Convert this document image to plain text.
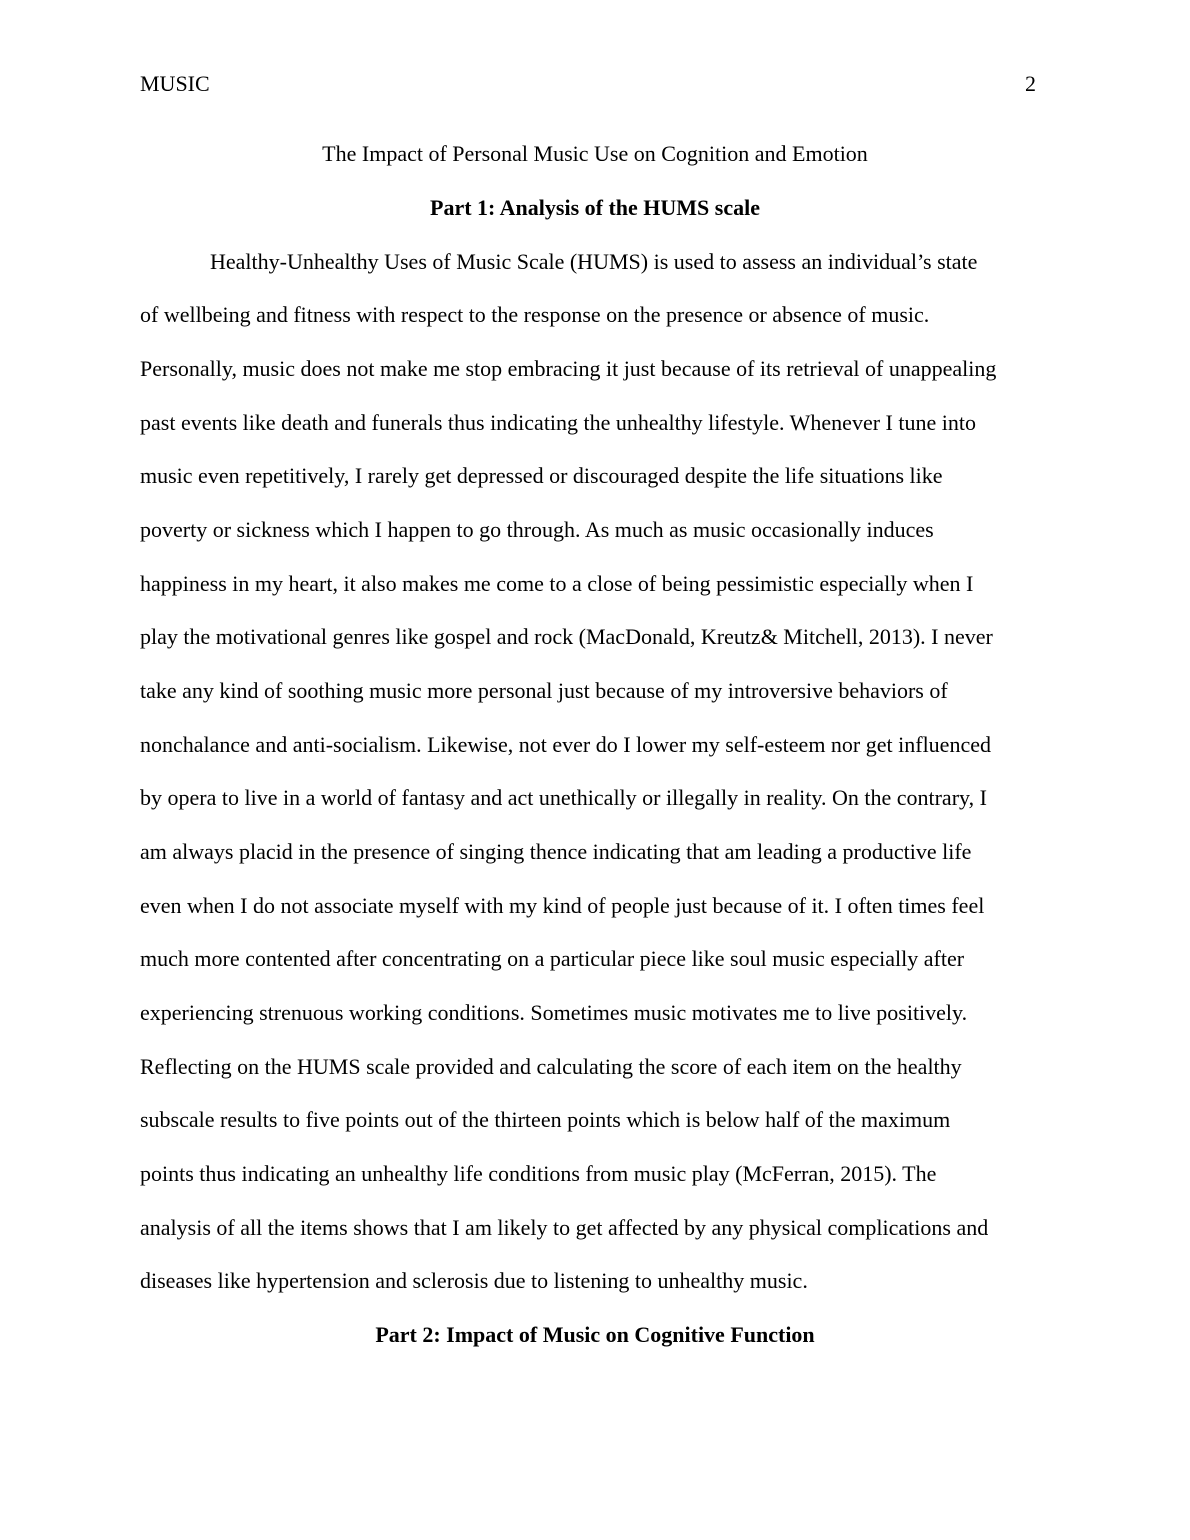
MUSIC	2
The Impact of Personal Music Use on Cognition and Emotion
Part 1: Analysis of the HUMS scale
Healthy-Unhealthy Uses of Music Scale (HUMS) is used to assess an individual’s state
of wellbeing and fitness with respect to the response on the presence or absence of music.
Personally, music does not make me stop embracing it just because of its retrieval of unappealing
past events like death and funerals thus indicating the unhealthy lifestyle. Whenever I tune into
music even repetitively, I rarely get depressed or discouraged despite the life situations like
poverty or sickness which I happen to go through. As much as music occasionally induces
happiness in my heart, it also makes me come to a close of being pessimistic especially when I
play the motivational genres like gospel and rock (MacDonald, Kreutz& Mitchell, 2013). I never
take any kind of soothing music more personal just because of my introversive behaviors of
nonchalance and anti-socialism. Likewise, not ever do I lower my self-esteem nor get influenced
by opera to live in a world of fantasy and act unethically or illegally in reality. On the contrary, I
am always placid in the presence of singing thence indicating that am leading a productive life
even when I do not associate myself with my kind of people just because of it. I often times feel
much more contented after concentrating on a particular piece like soul music especially after
experiencing strenuous working conditions. Sometimes music motivates me to live positively.
Reflecting on the HUMS scale provided and calculating the score of each item on the healthy
subscale results to five points out of the thirteen points which is below half of the maximum
points thus indicating an unhealthy life conditions from music play (McFerran, 2015). The
analysis of all the items shows that I am likely to get affected by any physical complications and
diseases like hypertension and sclerosis due to listening to unhealthy music.
Part 2: Impact of Music on Cognitive Function
